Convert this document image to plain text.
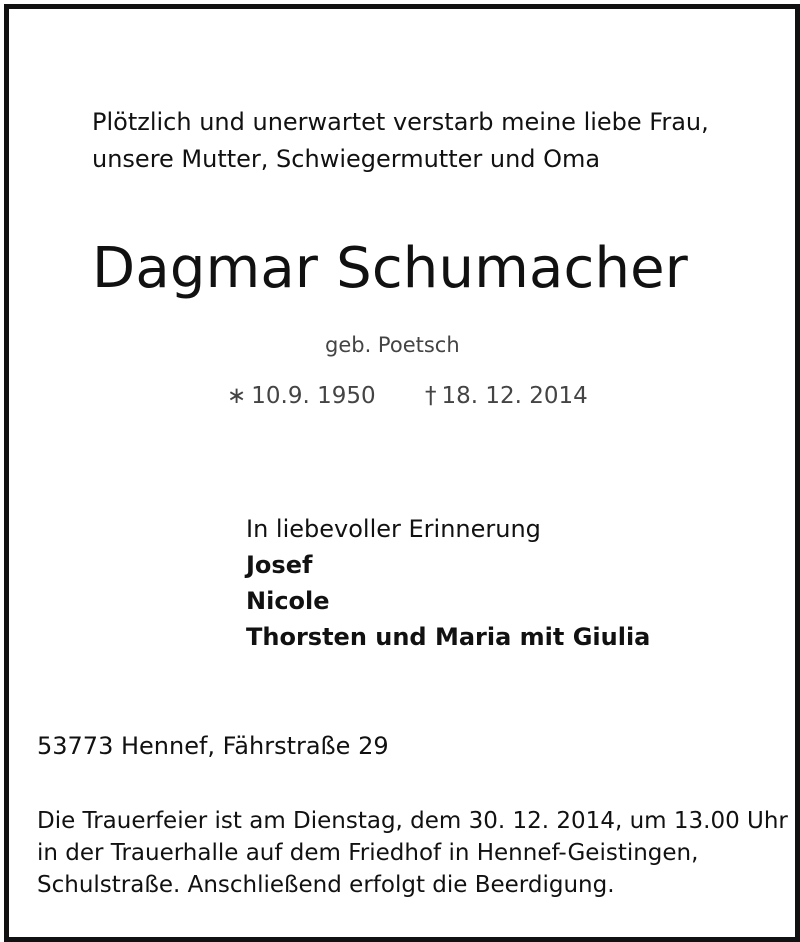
Plötzlich und unerwartet verstarb meine liebe Frau,
unsere Mutter, Schwiegermutter und Oma
Dagmar Schumacher
geb. Poetsch
∗ 10.9. 1950 † 18. 12. 2014
In liebevoller Erinnerung
Josef
Nicole
Thorsten und Maria mit Giulia
53773 Hennef, Fährstraße 29
Die Trauerfeier ist am Dienstag, dem 30. 12. 2014, um 13.00 Uhr
in der Trauerhalle auf dem Friedhof in Hennef-Geistingen,
Schulstraße. Anschließend erfolgt die Beerdigung.
